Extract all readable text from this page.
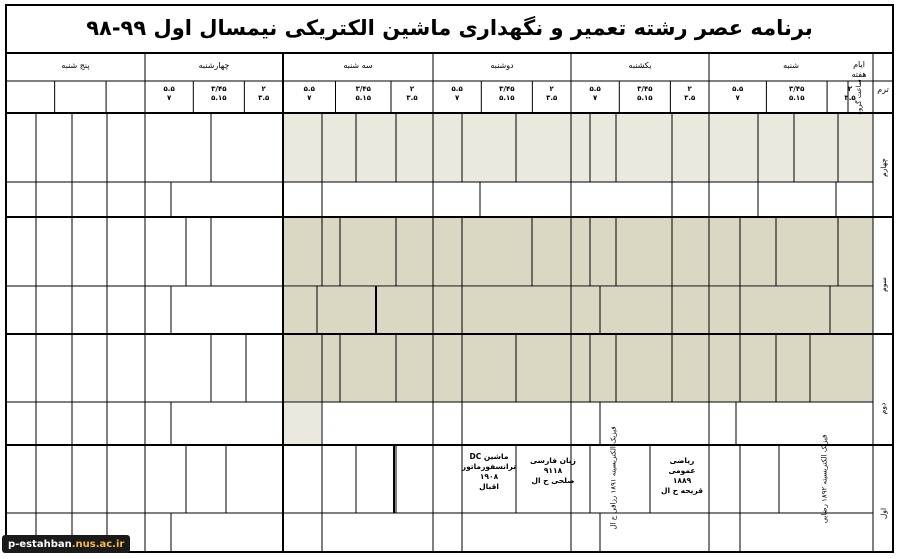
برنامه عصر رشته تعمیر و نگهداری ماشین الکتریکی نیمسال اول ۹۹-۹۸
ایام هفته
ترم
ساعت گروه
شنبه
یکشنبه
دوشنبه
سه شنبه
چهارشنبه
پنج شنبه
۲
۳.۵
۳/۴۵
۵.۱۵
۵.۵
۷
۲
۳.۵
۳/۴۵
۵.۱۵
۵.۵
۷
۲
۳.۵
۳/۴۵
۵.۱۵
۵.۵
۷
۲
۳.۵
۳/۴۵
۵.۱۵
۵.۵
۷
۲
۳.۵
۳/۴۵
۵.۱۵
۵.۵
۷
چهارم
سوم
دوم
اول
فیزیک الکتریسیته ۱۸۹۲ رضایی
ریاضی
عمومی
۱۸۸۹
قریحه ح ال
فیزیک الکتریسیته ۱۸۹۱ رزاقی ح ال
زبان فارسی
۹۱۱۸
صلحی ح ال
ماشین DC
ترانسفورماتور
۱۹۰۸
اقبال
p-estahban .nus.ac.ir
